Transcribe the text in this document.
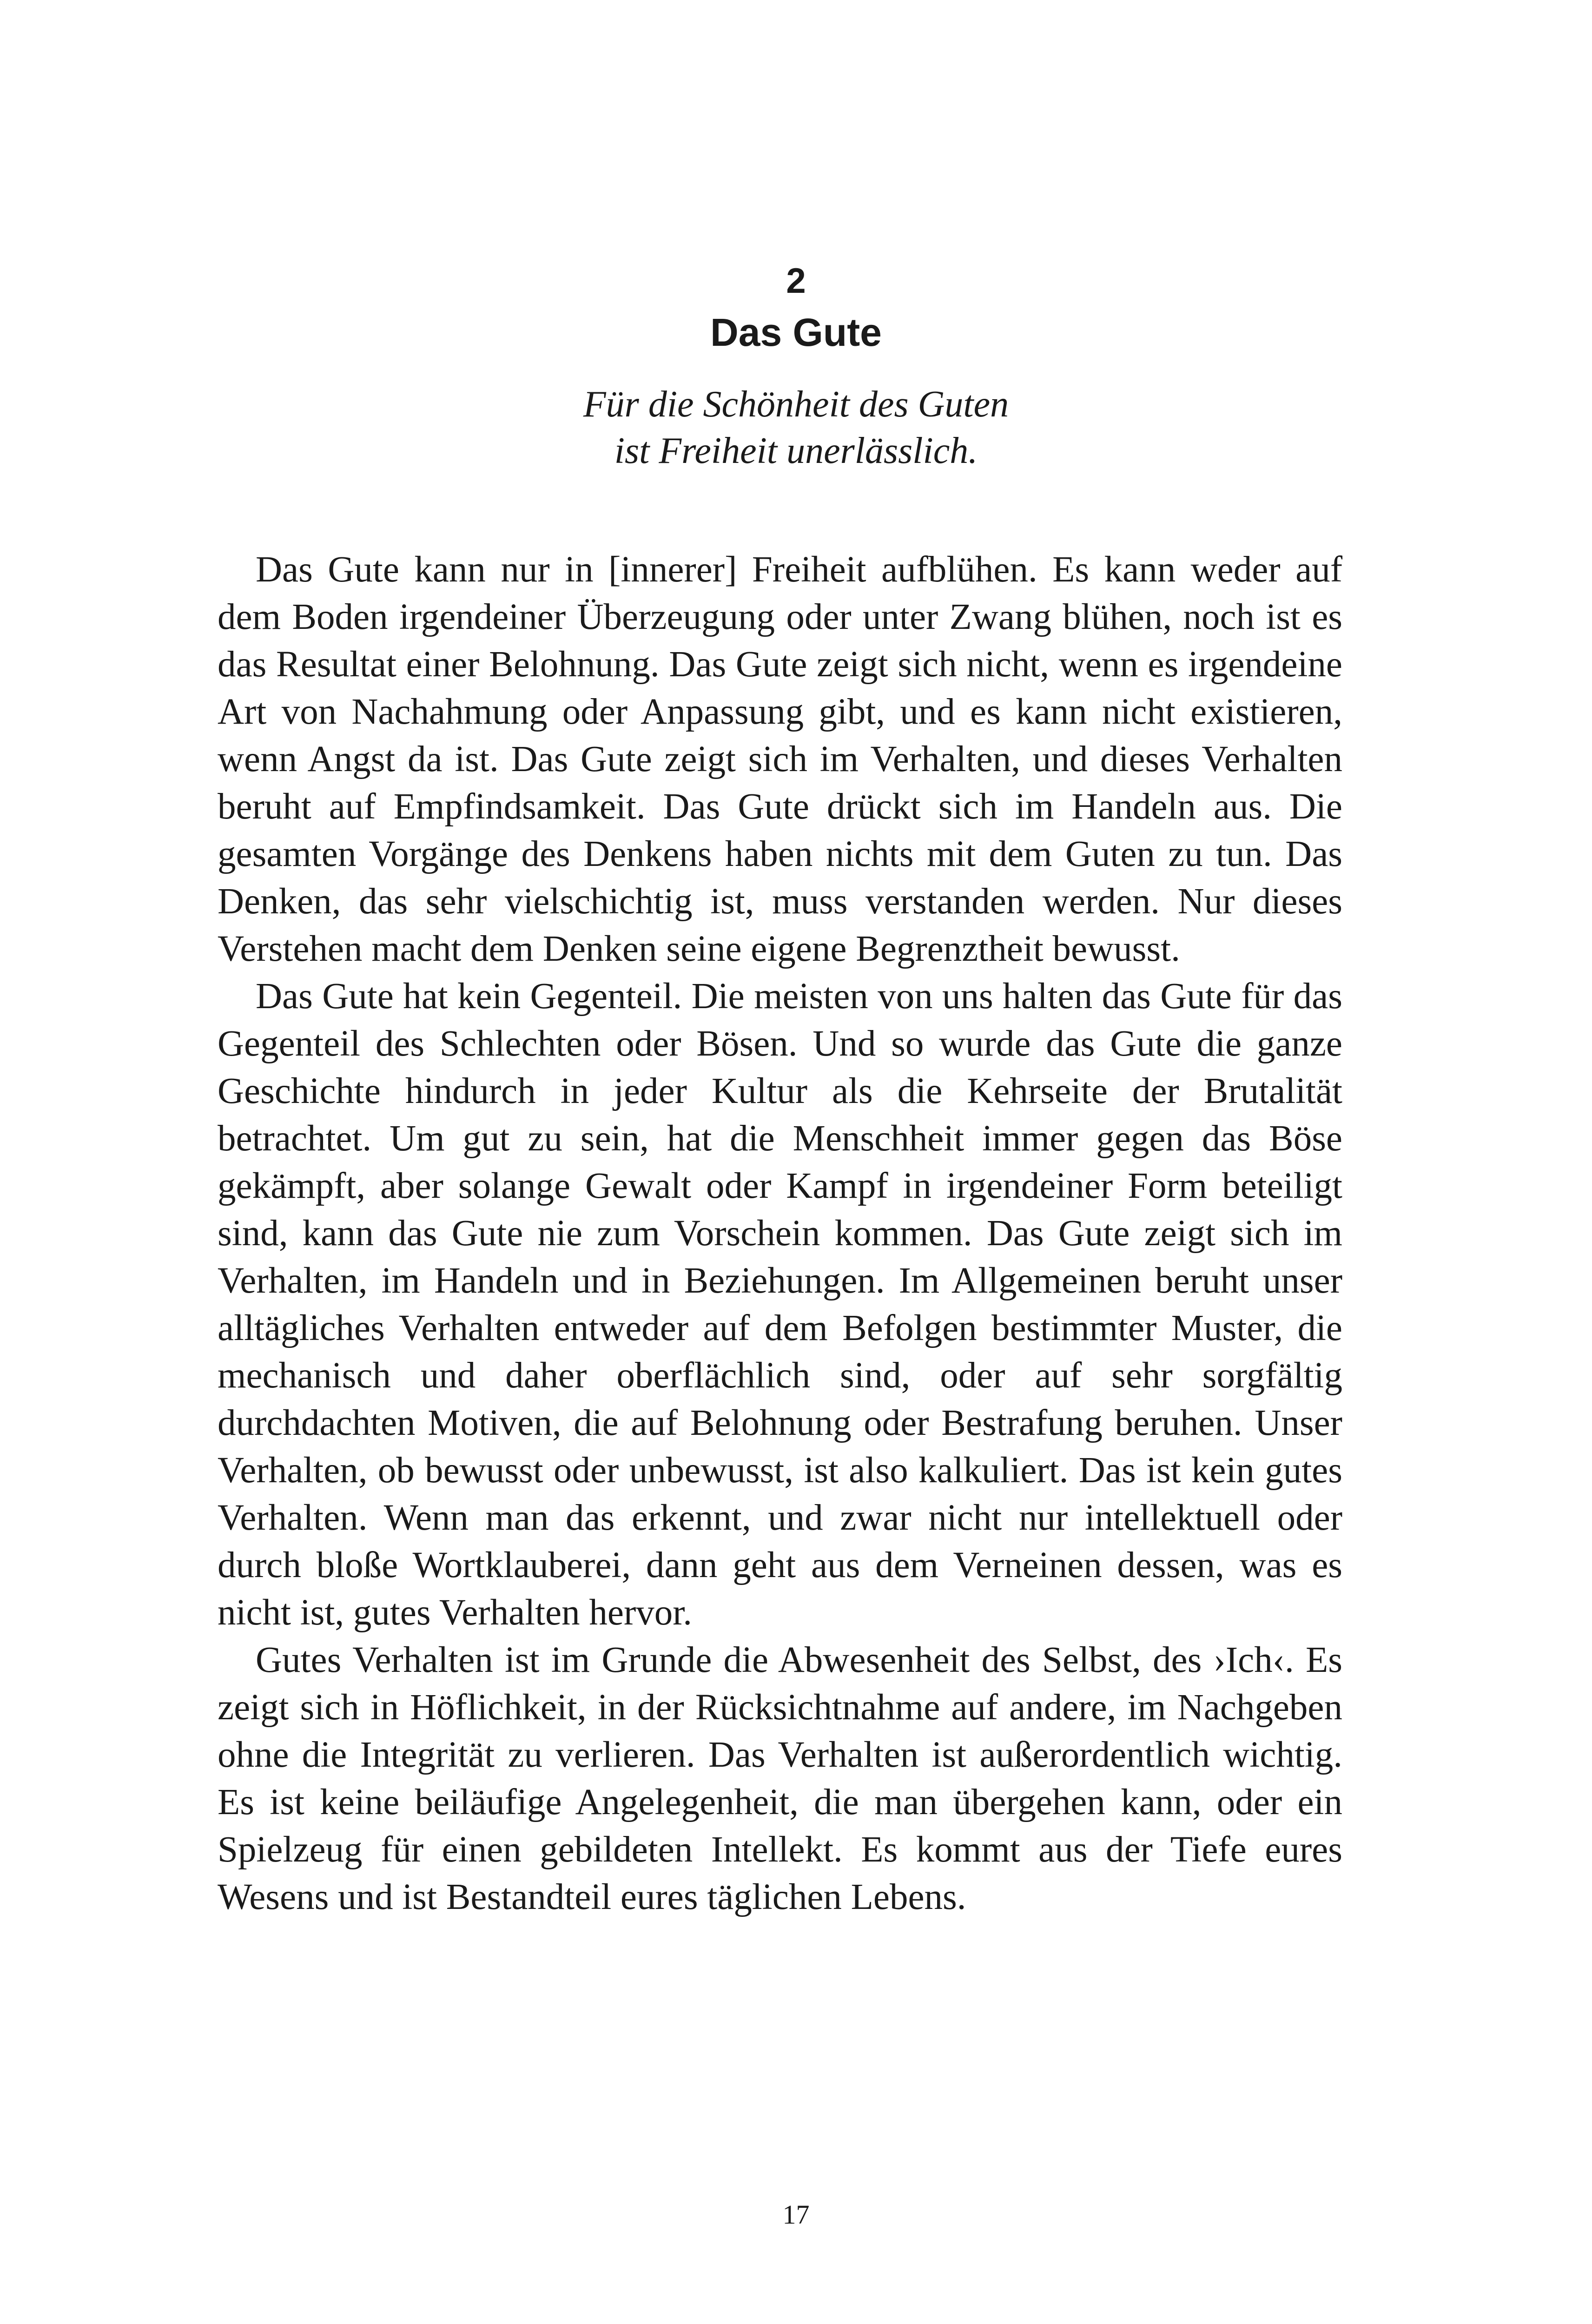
2
Das Gute
Für die Schönheit des Guten
ist Freiheit unerlässlich.

Das Gute kann nur in [innerer] Freiheit aufblühen. Es kann weder auf dem Boden irgendeiner Überzeugung oder unter Zwang blühen, noch ist es das Resultat einer Belohnung. Das Gute zeigt sich nicht, wenn es irgendeine Art von Nachahmung oder Anpassung gibt, und es kann nicht existieren, wenn Angst da ist. Das Gute zeigt sich im Verhalten, und dieses Verhalten beruht auf Empfindsamkeit. Das Gute drückt sich im Handeln aus. Die gesamten Vorgänge des Denkens haben nichts mit dem Guten zu tun. Das Denken, das sehr vielschichtig ist, muss verstanden werden. Nur dieses Verstehen macht dem Denken seine eigene Begrenztheit bewusst.

Das Gute hat kein Gegenteil. Die meisten von uns halten das Gute für das Gegenteil des Schlechten oder Bösen. Und so wurde das Gute die ganze Geschichte hindurch in jeder Kultur als die Kehrseite der Brutalität betrachtet. Um gut zu sein, hat die Menschheit immer gegen das Böse gekämpft, aber solange Gewalt oder Kampf in irgendeiner Form beteiligt sind, kann das Gute nie zum Vorschein kommen. Das Gute zeigt sich im Verhalten, im Handeln und in Beziehungen. Im Allgemeinen beruht unser alltägliches Verhalten entweder auf dem Befolgen bestimmter Muster, die mechanisch und daher oberflächlich sind, oder auf sehr sorgfältig durchdachten Motiven, die auf Belohnung oder Bestrafung beruhen. Unser Verhalten, ob bewusst oder unbewusst, ist also kalkuliert. Das ist kein gutes Verhalten. Wenn man das erkennt, und zwar nicht nur intellektuell oder durch bloße Wortklauberei, dann geht aus dem Verneinen dessen, was es nicht ist, gutes Verhalten hervor.

Gutes Verhalten ist im Grunde die Abwesenheit des Selbst, des ›Ich‹. Es zeigt sich in Höflichkeit, in der Rücksichtnahme auf andere, im Nachgeben ohne die Integrität zu verlieren. Das Verhalten ist außerordentlich wichtig. Es ist keine beiläufige Angelegenheit, die man übergehen kann, oder ein Spielzeug für einen gebildeten Intellekt. Es kommt aus der Tiefe eures Wesens und ist Bestandteil eures täglichen Lebens.

17
